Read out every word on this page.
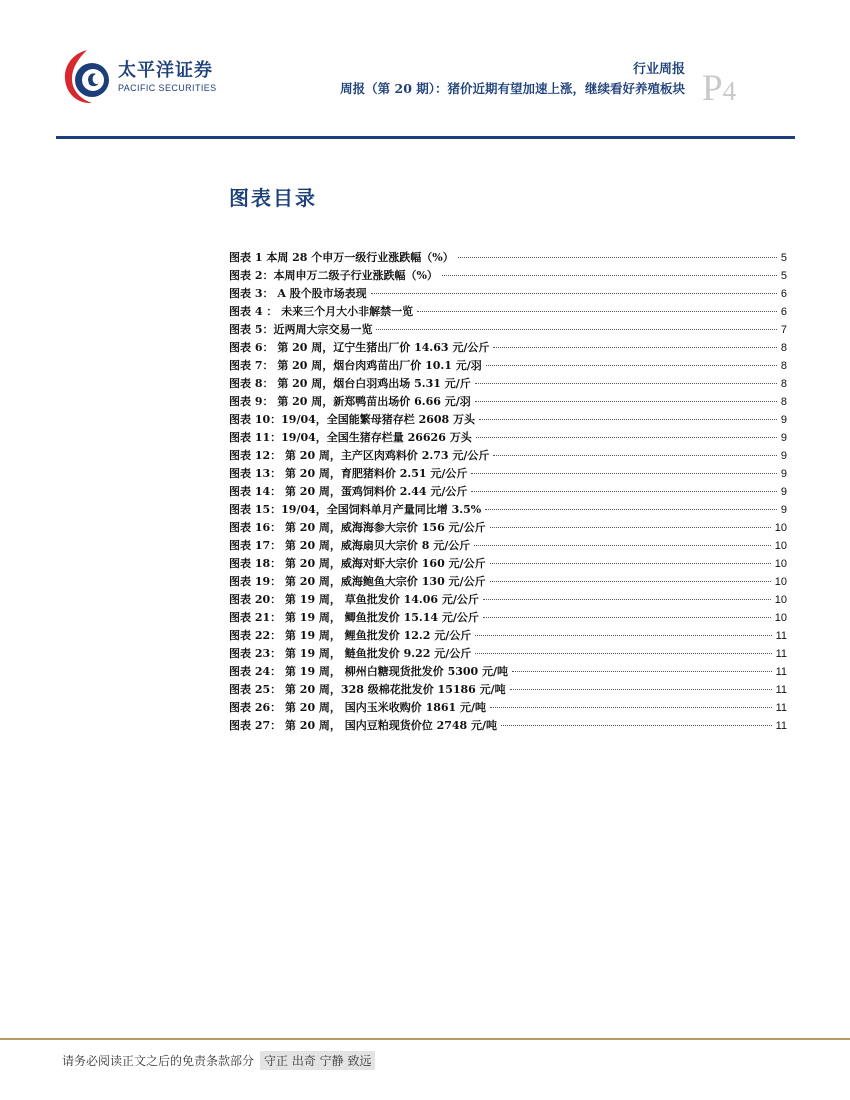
太平洋证券
PACIFIC SECURITIES
行业周报
周报（第 20 期）：猪价近期有望加速上涨，继续看好养殖板块 P4
图表目录
图表 1 本周 28 个申万一级行业涨跌幅（%）	5
图表 2：本周申万二级子行业涨跌幅（%）	5
图表 3： A 股个股市场表现	6
图表 4 ： 未来三个月大小非解禁一览	6
图表 5：近两周大宗交易一览	7
图表 6： 第 20 周，辽宁生猪出厂价 14.63 元/公斤	8
图表 7： 第 20 周，烟台肉鸡苗出厂价 10.1 元/羽	8
图表 8： 第 20 周，烟台白羽鸡出场 5.31 元/斤	8
图表 9： 第 20 周，新郑鸭苗出场价 6.66 元/羽	8
图表 10：19/04，全国能繁母猪存栏 2608 万头	9
图表 11：19/04，全国生猪存栏量 26626 万头	9
图表 12： 第 20 周，主产区肉鸡料价 2.73 元/公斤	9
图表 13： 第 20 周，育肥猪料价 2.51 元/公斤	9
图表 14： 第 20 周，蛋鸡饲料价 2.44 元/公斤	9
图表 15：19/04，全国饲料单月产量同比增 3.5%	9
图表 16： 第 20 周，威海海参大宗价 156 元/公斤	10
图表 17： 第 20 周，威海扇贝大宗价 8 元/公斤	10
图表 18： 第 20 周，威海对虾大宗价 160 元/公斤	10
图表 19： 第 20 周，威海鲍鱼大宗价 130 元/公斤	10
图表 20： 第 19 周， 草鱼批发价 14.06 元/公斤	10
图表 21： 第 19 周， 鲫鱼批发价 15.14 元/公斤	10
图表 22： 第 19 周， 鲤鱼批发价 12.2 元/公斤	11
图表 23： 第 19 周， 鲢鱼批发价 9.22 元/公斤	11
图表 24： 第 19 周， 柳州白糖现货批发价 5300 元/吨	11
图表 25： 第 20 周，328 级棉花批发价 15186 元/吨	11
图表 26： 第 20 周， 国内玉米收购价 1861 元/吨	11
图表 27： 第 20 周， 国内豆粕现货价位 2748 元/吨	11
请务必阅读正文之后的免责条款部分 守正 出奇 宁静 致远
